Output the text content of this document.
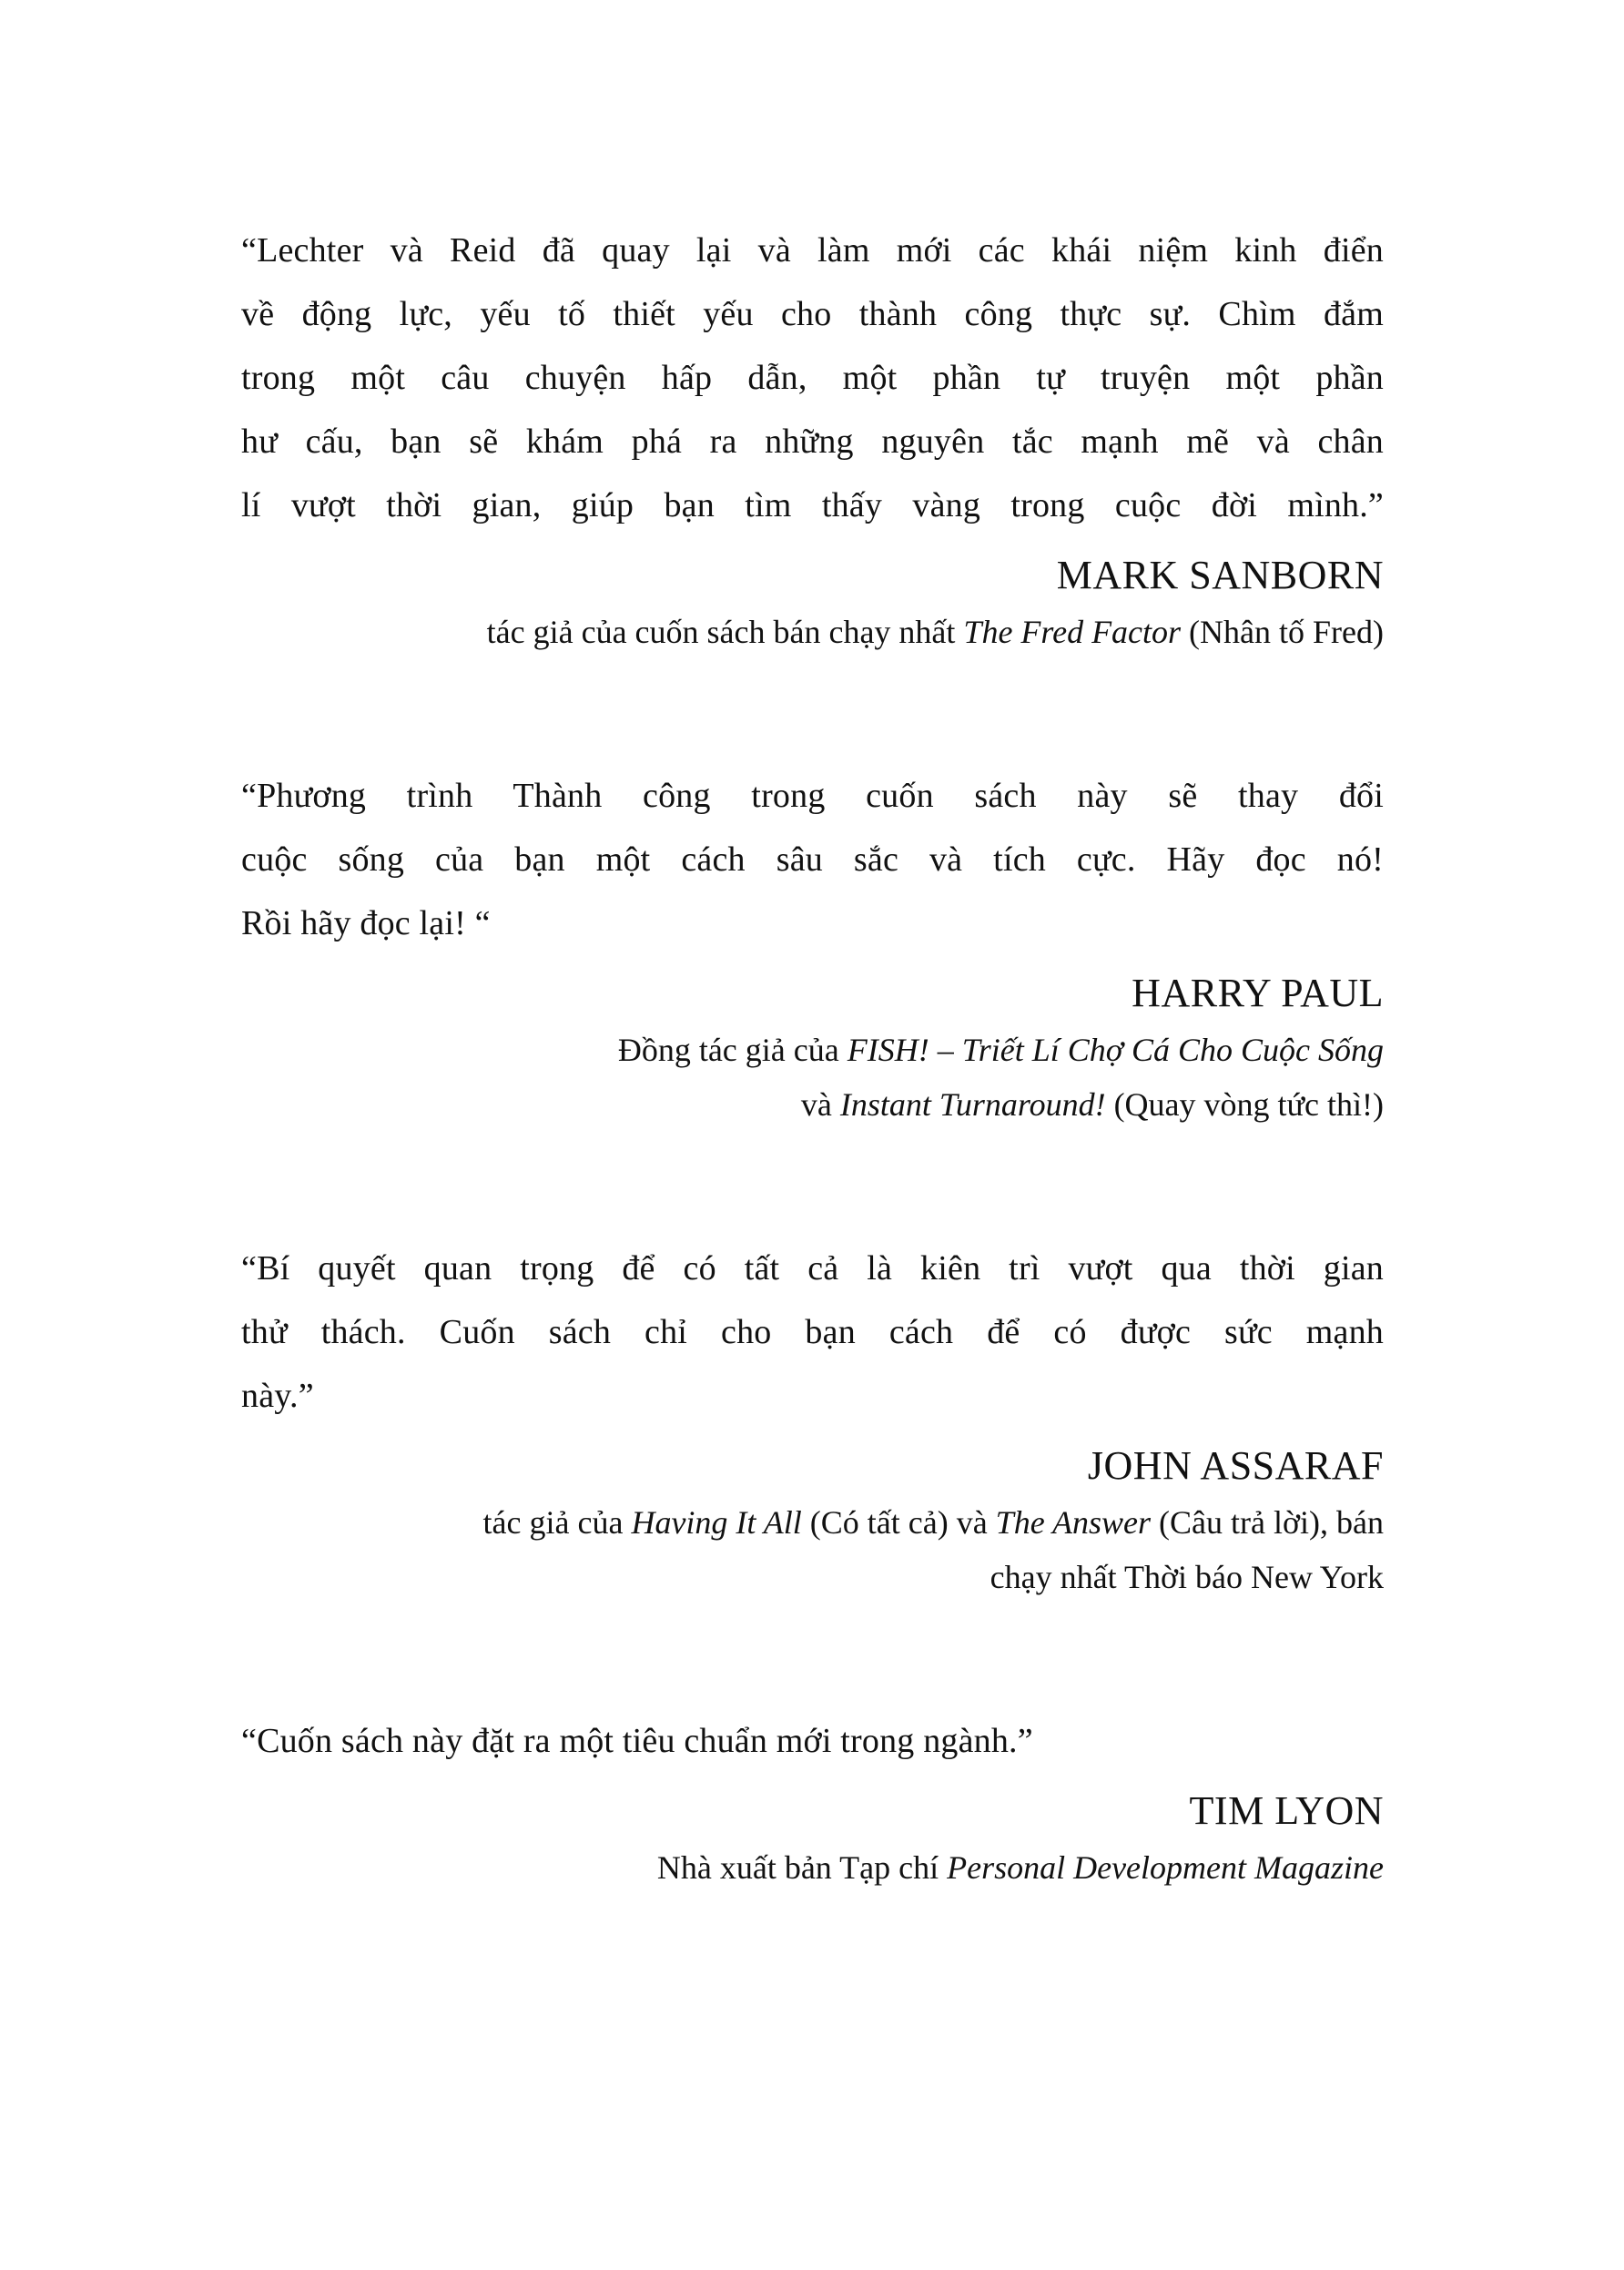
“Lechter và Reid đã quay lại và làm mới các khái niệm kinh điển
về động lực, yếu tố thiết yếu cho thành công thực sự. Chìm đắm
trong một câu chuyện hấp dẫn, một phần tự truyện một phần
hư cấu, bạn sẽ khám phá ra những nguyên tắc mạnh mẽ và chân
lí vượt thời gian, giúp bạn tìm thấy vàng trong cuộc đời mình.”
MARK SANBORN
tác giả của cuốn sách bán chạy nhất The Fred Factor (Nhân tố Fred)
“Phương trình Thành công trong cuốn sách này sẽ thay đổi
cuộc sống của bạn một cách sâu sắc và tích cực. Hãy đọc nó!
Rồi hãy đọc lại! “
HARRY PAUL
Đồng tác giả của FISH! – Triết Lí Chợ Cá Cho Cuộc Sống
và Instant Turnaround! (Quay vòng tức thì!)
“Bí quyết quan trọng để có tất cả là kiên trì vượt qua thời gian
thử thách. Cuốn sách chỉ cho bạn cách để có được sức mạnh
này.”
JOHN ASSARAF
tác giả của Having It All (Có tất cả) và The Answer (Câu trả lời), bán
chạy nhất Thời báo New York
“Cuốn sách này đặt ra một tiêu chuẩn mới trong ngành.”
TIM LYON
Nhà xuất bản Tạp chí Personal Development Magazine
